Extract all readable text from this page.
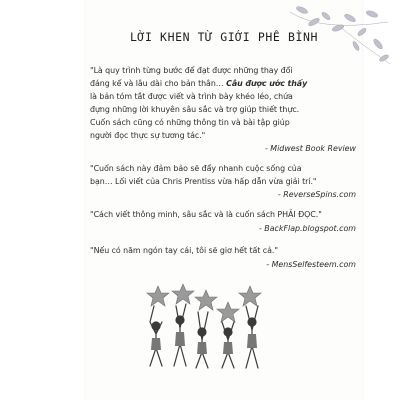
LỜI KHEN TỪ GIỚI PHÊ BÌNH

"Là quy trình từng bước để đạt được những thay đổi

đáng kể và lâu dài cho bản thân… Câu được ước thấy

là bản tóm tắt được viết và trình bày khéo léo, chứa

đựng những lời khuyên sâu sắc và trợ giúp thiết thực.

Cuốn sách cũng có những thông tin và bài tập giúp

người đọc thực sự tương tác."

- Midwest Book Review

"Cuốn sách này đảm bảo sẽ đẩy nhanh cuộc sống của

bạn… Lối viết của Chris Prentiss vừa hấp dẫn vừa giải trí."

- ReverseSpins.com

"Cách viết thông minh, sâu sắc và là cuốn sách PHẢI ĐỌC."

- BackFlap.blogspot.com

"Nếu có năm ngón tay cái, tôi sẽ giơ hết tất cả."

- MensSelfesteem.com
